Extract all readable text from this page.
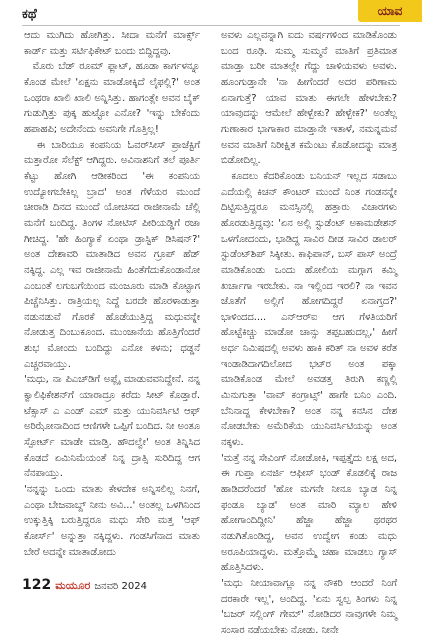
ಕಥೆ	ಯಾವ

ಆದು ಮುಗಿದು ಹೋಗಿತ್ತು. ಸೀದಾ ಮನೆಗೆ ಮಾರ್ಕ್ಸ್ ಕಾರ್ಡ್ ಮತ್ತು ಸರ್ಟಿಫಿಕೇಟ್ ಬಂದು ಬಿದ್ದಿದ್ದವು.
ಮೊರು ಬೆಡ್ ರೂಮ್ ಫ್ಲಾಟ್, ಹೂಡಾ ಕಾರ್ಗಳನ್ನೂ ಕೊಂಡ ಮೇಲೆ 'ಏಕ್ಷನು ಮಾಡೋಕ್ಕಿದೆ ಲೈಫಲ್ಲಿ?' ಅಂತ ಒಂಥರಾ ಖಾಲಿ ಖಾಲಿ ಅನ್ನಿಸಿತ್ತು. ಹಾಗಂತ್ಲೇ ಅವನ ಬೈಕ್ ಗುಡುಗ್ತಿತ್ತು ಪುಕ್ಕ ಹುಟ್ಟೋ ಎನೋ? 'ಇನ್ನು ಬೇಕೆಂದು ಹಪಾಹಪಿ; ಅದೇನೆಂದು ಅವನಿಗೇ ಗೊತ್ತಿಲ್ಲ!
ಈ ಬಾರಿಯೂ ಕಂಪನಿಯ ಓವರ್‌ಸೀಸ್ ಪ್ರಾಜೆಕ್ಟಿಗೆ ಮತ್ತಾರೋ ಸೆಲೆಕ್ಟ್ ಆಗಿದ್ದರು. ಅವಿನಾಶನಿಗೆ ತಲೆ ಪೂರ್ತಿ ಕೆಟ್ಟು ಹೋಗಿ ಆಡೀಕರಿಂದ 'ಈ ಕಂಪನಿಯ ಉದ್ಯೋಗಬೇಕಿಲ್ಲ ಬ್ರಾದ' ಅಂತ ಗೆಳೆಯರ ಮುಂದೆ ಚೀರಾಡಿ ದಿನದ ಮುಂದೆ ಯೋಚಿಸದ ರಾಜೀನಾಮೆ ಚೆಲ್ಲಿ ಮನೆಗೆ ಬಂದಿದ್ದ. ತಿಂಗಳ ನೋಟಿಸ್ ಪೀರಿಯಡ್ಡಿಗೆ ರಜಾ ಗೀಚಿದ್ದ. 'ಹೇ ಹಿಂಗ್ಯಾಕೆ ಏಂಥಾ ಡ್ರಾಸ್ಟಿಕ್ ಡಿಸಿಷನ್?' ಅಂತ ದೇಶಾವರಿ ಮಾತಾಡಿದ ಅವನ ಗ್ರೂಪ್ ಹೆಡ್ ನಕ್ಕಿದ್ದ. ಎಲ್ಲ ಇವ ರಾಜೀನಾಮೆ ಹಿಂತೆಗೆದುಕೊಂಡಾನೋ ಎಂಬಂತೆ ಲಗುಬಗೆಯಿಂದ ಮಂಜೂರು ಮಾಡಿ ಕೊಟ್ಟಾಗ ಪಿಚ್ಚೆನಿಸಿತ್ತು. ರಾತ್ರಿಯಲ್ಲ ನಿದ್ದೆ ಬರದೇ ಹೊರಳಾಡುತ್ತಾ ನಡುನಡುವೆ ಗೊರಕೆ ಹೊಡೆಯುತ್ತಿದ್ದ ಮಧುವನ್ನೇ ನೋಡುತ್ತ ದಿಂಬುಕೂಂದ. ಮುಂಜಾನೆಯ ಹೊತ್ತಿಗೆಂದರೆ ಶುಭ ಮೋಂದು ಬಂದಿದ್ದು ಎನೋ ಕಳನು; ಧಡ್ಡನೆ ಎಚ್ಚರವಾಯ್ತು.
'ಮಧು, ನಾ ಪಿಎಚ್‌ಡಿಗೆ ಅಪ್ಲೈ ಮಾಡುವವನಿದ್ದೇನೆ. ನನ್ನ ಕ್ವಾಲಿಫಿಕೇಶನ್‌ಗೆ ಯಾರಾದ್ರೂ ಕರೆದು ಸೀಟ್ ಕೊಡ್ತಾರೆ. ಟೆಕ್ಸಾಸ್ ಎ ಎಂಡ್ ಎಮ್ ಮತ್ತು ಯುನಿವರ್ಸಿಟಿ ಆಫ್ ಅರಿಝೋನಾದಿಂದ ಆಣಿಗಳೇ ಒಪ್ಪಿಗೆ ಬಂದಿದ. ನೀ ಅಂತೂ ಸ್ಪೋರ್ಟ್ ಮಾಡೇ ಮಾಡ್ತಿ. ಹೌದಲ್ವೇ' ಅಂತ ತಿನ್ನಿಸಿದ ಕೊಡದೆ ಏಮಿನಿಮೆಯಂತೆ ನಿನ್ನ ದ್ರಾತ್ಸಿ ಸುರಿದಿದ್ದ ಆಗ ನೆನಪಾಯ್ತು.
'ನನ್ನನ್ನು ಒಂದು ಮಾತು ಕೇಳದೇಕ ಅನ್ನಿಸಲಿಲ್ಲ ನಿನಗೆ, ಎಂಥಾ ಬೇಜವಾಬ್ದ್ ನೀನು ಅವಿ...' ಅಂತಲ್ಲ ಒಳಗಿನಿಂದ ಉಕ್ಕುತ್ತಿಕ್ಕಿ ಬರುತ್ತಿದ್ದರೂ ಮಧು ಸೇರಿ ಮತ್ತ 'ಆಫ್ ಕೋರ್ಸ್' ಅನ್ನುತ್ತಾ ನಕ್ಕಿದ್ದಳು. ಗಂಡಸಿಗೆನಾದ ಮಾತು ಬೇರೆ ಅದನ್ನೇ ಮಾತಾಡೋದು

ಅವಳು ಎಲ್ಲವನ್ನಾಗಿ ಐದು ವರ್ಷಗಳಿಂದ ಮಾಡಿಕೊಂಡು ಬಂದ ರೂಢಿ. ಸುಮ್ಮ ಸುಮ್ಮನೆ ಮಾತಿಗೆ ಪ್ರತಿಮಾತ ಮಾಡ್ತಾ ಬರೀ ಮಾತಲ್ಲೇ ಗೆದ್ದು ಚಾಳಿಯವಳು ಅವಳು. ಹೂಂಗುಡ್ತಾನೇ 'ನಾ ಹೀಗೆಂದರೆ ಅದರ ಪರಿಣಾಮ ಏನಾಗುತ್ತೆ? ಯಾವ ಮಾತು ಈಗಲೇ ಹೇಳಬೇಕು? ಯಾವುದನ್ನು ಆಮೇಲೆ ಹೇಳ್ಬೇಕು? ಹೇಳ್ಬೇಕ?' ಅಂತೆಲ್ಲ ಗುಣಾಕಾರ ಭಾಗಾಕಾರ ಮಾಡ್ತಾನೇ ಇತಾಳೆ, ನಮನ್ನಮವೆ ಅವನ ಮಾತಿಗೆ ನಿರೀಕ್ಷಿತ ಕಮೆಂಟು ಕೊಡೋದನ್ನು ಮಾತ್ರ ಬಿಡೋದಿಲ್ಲ.
ಕೂದಲು ಕೆದರಿಕೊಂಡು ಬನಿಯನ್ ಇಲ್ಲದ ಸಡಾಬು ಎದೆಯಲ್ಲಿ ಕಿಚನ್ ಕೌಂಟರ್ ಮುಂದೆ ನಿಂತ ಗಂಡನನ್ನೇ ದಿಟ್ಟಿಸುತ್ತಿದ್ದರೂ ಮನಸ್ಸಿನಲ್ಲಿ ಹತ್ತಾರು ವಿಚಾರಗಳು ಹೊರಡುತ್ತಿದ್ದವು: 'ಏನ ಅಲ್ಲಿ ಸ್ಟುಡೆಂಟ್ ಅಕಾಮಡೇಶನ್ ಒಳಗೋದಂದು, ಭಾಡಿದ್ದ ಸಾವಿರ ದೀಡ ಸಾವಿರ ಡಾಲರ್ ಸ್ಟುಡೆಂಟ್‌ಶಿಪ್ ಸಿಕ್ಕೀತು. ಕಾಫಿಪಾನ್, ಬಸ್ ಪಾಸ್ ಅಂದ್ರೆ ಮಾಡಿಕೊಂಡು ಒಂದು ಹೋಲಿಯ ಮಗ್ಗಾಗ ಕಮ್ಮಿ ಖರ್ಚಾಗಾ ಇರಬೇಕು. ನಾ ಇಲ್ಲಿಂದ ಇರಲಿ? ನಾ ಇವನ ಜೊತೆಗೆ ಅಲ್ಲಿಗೆ ಹೋಗದಿದ್ದರೆ ಏನಾಗ್ತದ?' ಭಾಳಿಂದದ.... ಎನ್‌ಆರ್‌ಐ ಆಗ ಗೆಳತಿಯರಿಗೆ ಹೊಟ್ಟೆಕಿಚ್ಚು ಮಾಡೋ ಚಾನ್ಸು ತಪ್ಪಬಹುದಲ್ಲ,' ಹೀಗೆ ಅರ್ಧ ನಿಮಿಷದಲ್ಲಿ ಅವಳು ಹಾಕಿ ಕರಿತ್ ನಾ ಅವಳ ಕರೆತ ಇಂಡಾಡಿದಾಗದಿಲೋದ ಭಟ್‌ರ ಅಂತ ಪಕ್ಕಾ ಮಾಡಿಕೊಂಡ ಮೇಲೆ ಅವಡತ್ತ ತಿರುಗಿ ಕಣ್ಣಲ್ಲಿ ಮಿನುಗುತ್ತಾ 'ವಾವ್ ಕಂಗ್ರಾಟ್ಸ್' ಹಾಗೇ ಬನಿಂ ಎಂದಿ. ಬೆನಿನಾದ್ದ ಕೇಳಬೇಕಾ? ಅಂತ ನನ್ನ ಕನಸಿನ ದೇಶ ನೋಡಬೇಕು ಅಮೆರಿಕೆಯ ಯುನಿವರ್ಸಿಟಿಯನ್ನು ಅಂತ ನಕ್ಕಳು.
'ಮತ್ತೆ ನನ್ನ ಸೇವಿಂಗ್ ನೋಡೋಕಿ, ಇಪ್ಪತ್ತೈದು ಲಕ್ಷ ಅದ, ಈ ಗುಪ್ತಾ ಏನರ್ಜಿ ಆಫೀಸ್ ಭಂಡ್ ಕೊಡಲಿಕ್ಕೆ ರಾಜ ಹಾಡಿದರೆಂದರೆ 'ಹೋ ಮಗನೇ ನೀನೂ ಬ್ಯಾಡ ನಿನ್ನ ಫಂಡೂ ಬ್ಯಾಡ' ಅಂತ ಮಾರಿ ಮ್ಯಾಲ ಹೇಳಿ ಹೋಗಾಂದಿದ್ದೀನಿ' ಹೆಜ್ಜಾ ಹೆಜ್ಜಾ ಥರಥರ ನಡುಗಿತೊಂಡಿದ್ದ, ಅವನ ಉದ್ವೇಗ ಕಂಡು ಮಧು ಅರೂಪಿಯಾದ್ದಳು. ಮತ್ತೊಮ್ಮೆ ಚಹಾ ಮಾಡಲು ಗ್ಯಾಸ್ ಹೊತ್ತಿಸಿದಳು.
'ಮಧು ನೀಯಾವಾಗ್ಲೂ ನನ್ನ ನೌಕರಿ ಆಂದರೆ ನಿಂಗೆ ದರಕಾರೇ ಇಲ್ಲ', ಅಂದಿದ್ದ. 'ಏನು ಸ್ವಲ್ಪ ತಿಂಗಳು ನಿನ್ನ 'ಬಜರ್ ಸಲ್ಲಿಂಗ್ ಗೇಮ್‌' ನೋಡಿದರ ನಾವುಗಳೇ ನಿಮ್ಮ ಸಂಸಾರ ನಡೆಯಬೇಕು ನೋಡು. ನೀನೇ

122 ಮಯೂರ ಜನವರಿ 2024
